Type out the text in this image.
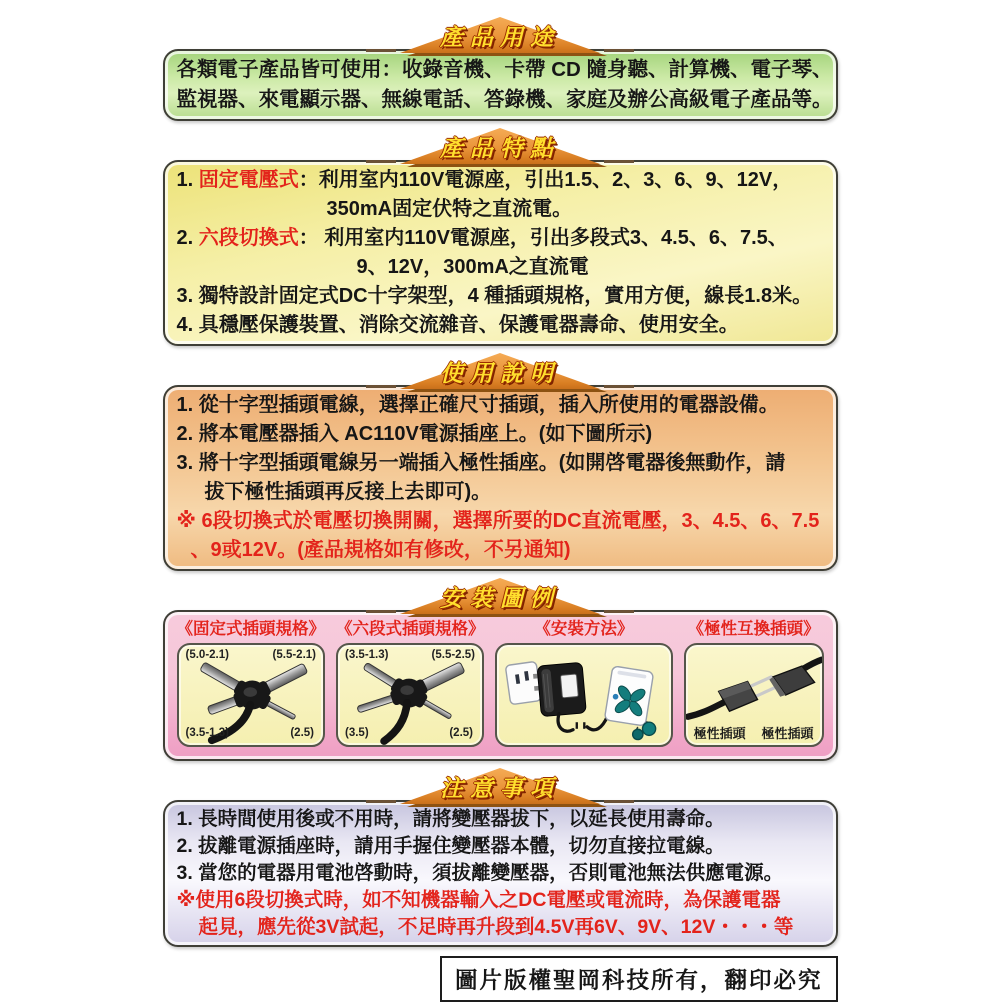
產品用途

各類電子產品皆可使用：收錄音機、卡帶 CD 隨身聽、計算機、電子琴、

監視器、來電顯示器、無線電話、答錄機、家庭及辦公高級電子產品等。

產品特點

1. 固定電壓式：利用室内110V電源座，引出1.5、2、3、6、9、12V，

350mA固定伏特之直流電。

2. 六段切換式： 利用室内110V電源座，引出多段式3、4.5、6、7.5、

9、12V，300mA之直流電

3. 獨特設計固定式DC十字架型，4 種插頭規格，實用方便，線長1.8米。

4. 具穩壓保護裝置、消除交流雜音、保護電器壽命、使用安全。

使用說明

1. 從十字型插頭電線，選擇正確尺寸插頭，插入所使用的電器設備。

2. 將本電壓器插入 AC110V電源插座上。(如下圖所示)

3. 將十字型插頭電線另一端插入極性插座。(如開啓電器後無動作，請

拔下極性插頭再反接上去即可)。

※ 6段切換式於電壓切換開關，選擇所要的DC直流電壓，3、4.5、6、7.5

、9或12V。(產品規格如有修改，不另通知)

安裝圖例
《固定式插頭規格》
(5.0-2.1)	(5.5-2.1)
(3.5-1.3)	(2.5)
《六段式插頭規格》
(3.5-1.3)	(5.5-2.5)
(3.5)	(2.5)
《安裝方法》	《極性互換插頭》
極性插頭	極性插頭
注意事項

1. 長時間使用後或不用時，請將變壓器拔下，以延長使用壽命。

2. 拔離電源插座時，請用手握住變壓器本體，切勿直接拉電線。

3. 當您的電器用電池啓動時，須拔離變壓器，否則電池無法供應電源。

※使用6段切換式時，如不知機器輸入之DC電壓或電流時，為保護電器

起見，應先從3V試起，不足時再升段到4.5V再6V、9V、12V・・・等

圖片版權聖岡科技所有，翻印必究
